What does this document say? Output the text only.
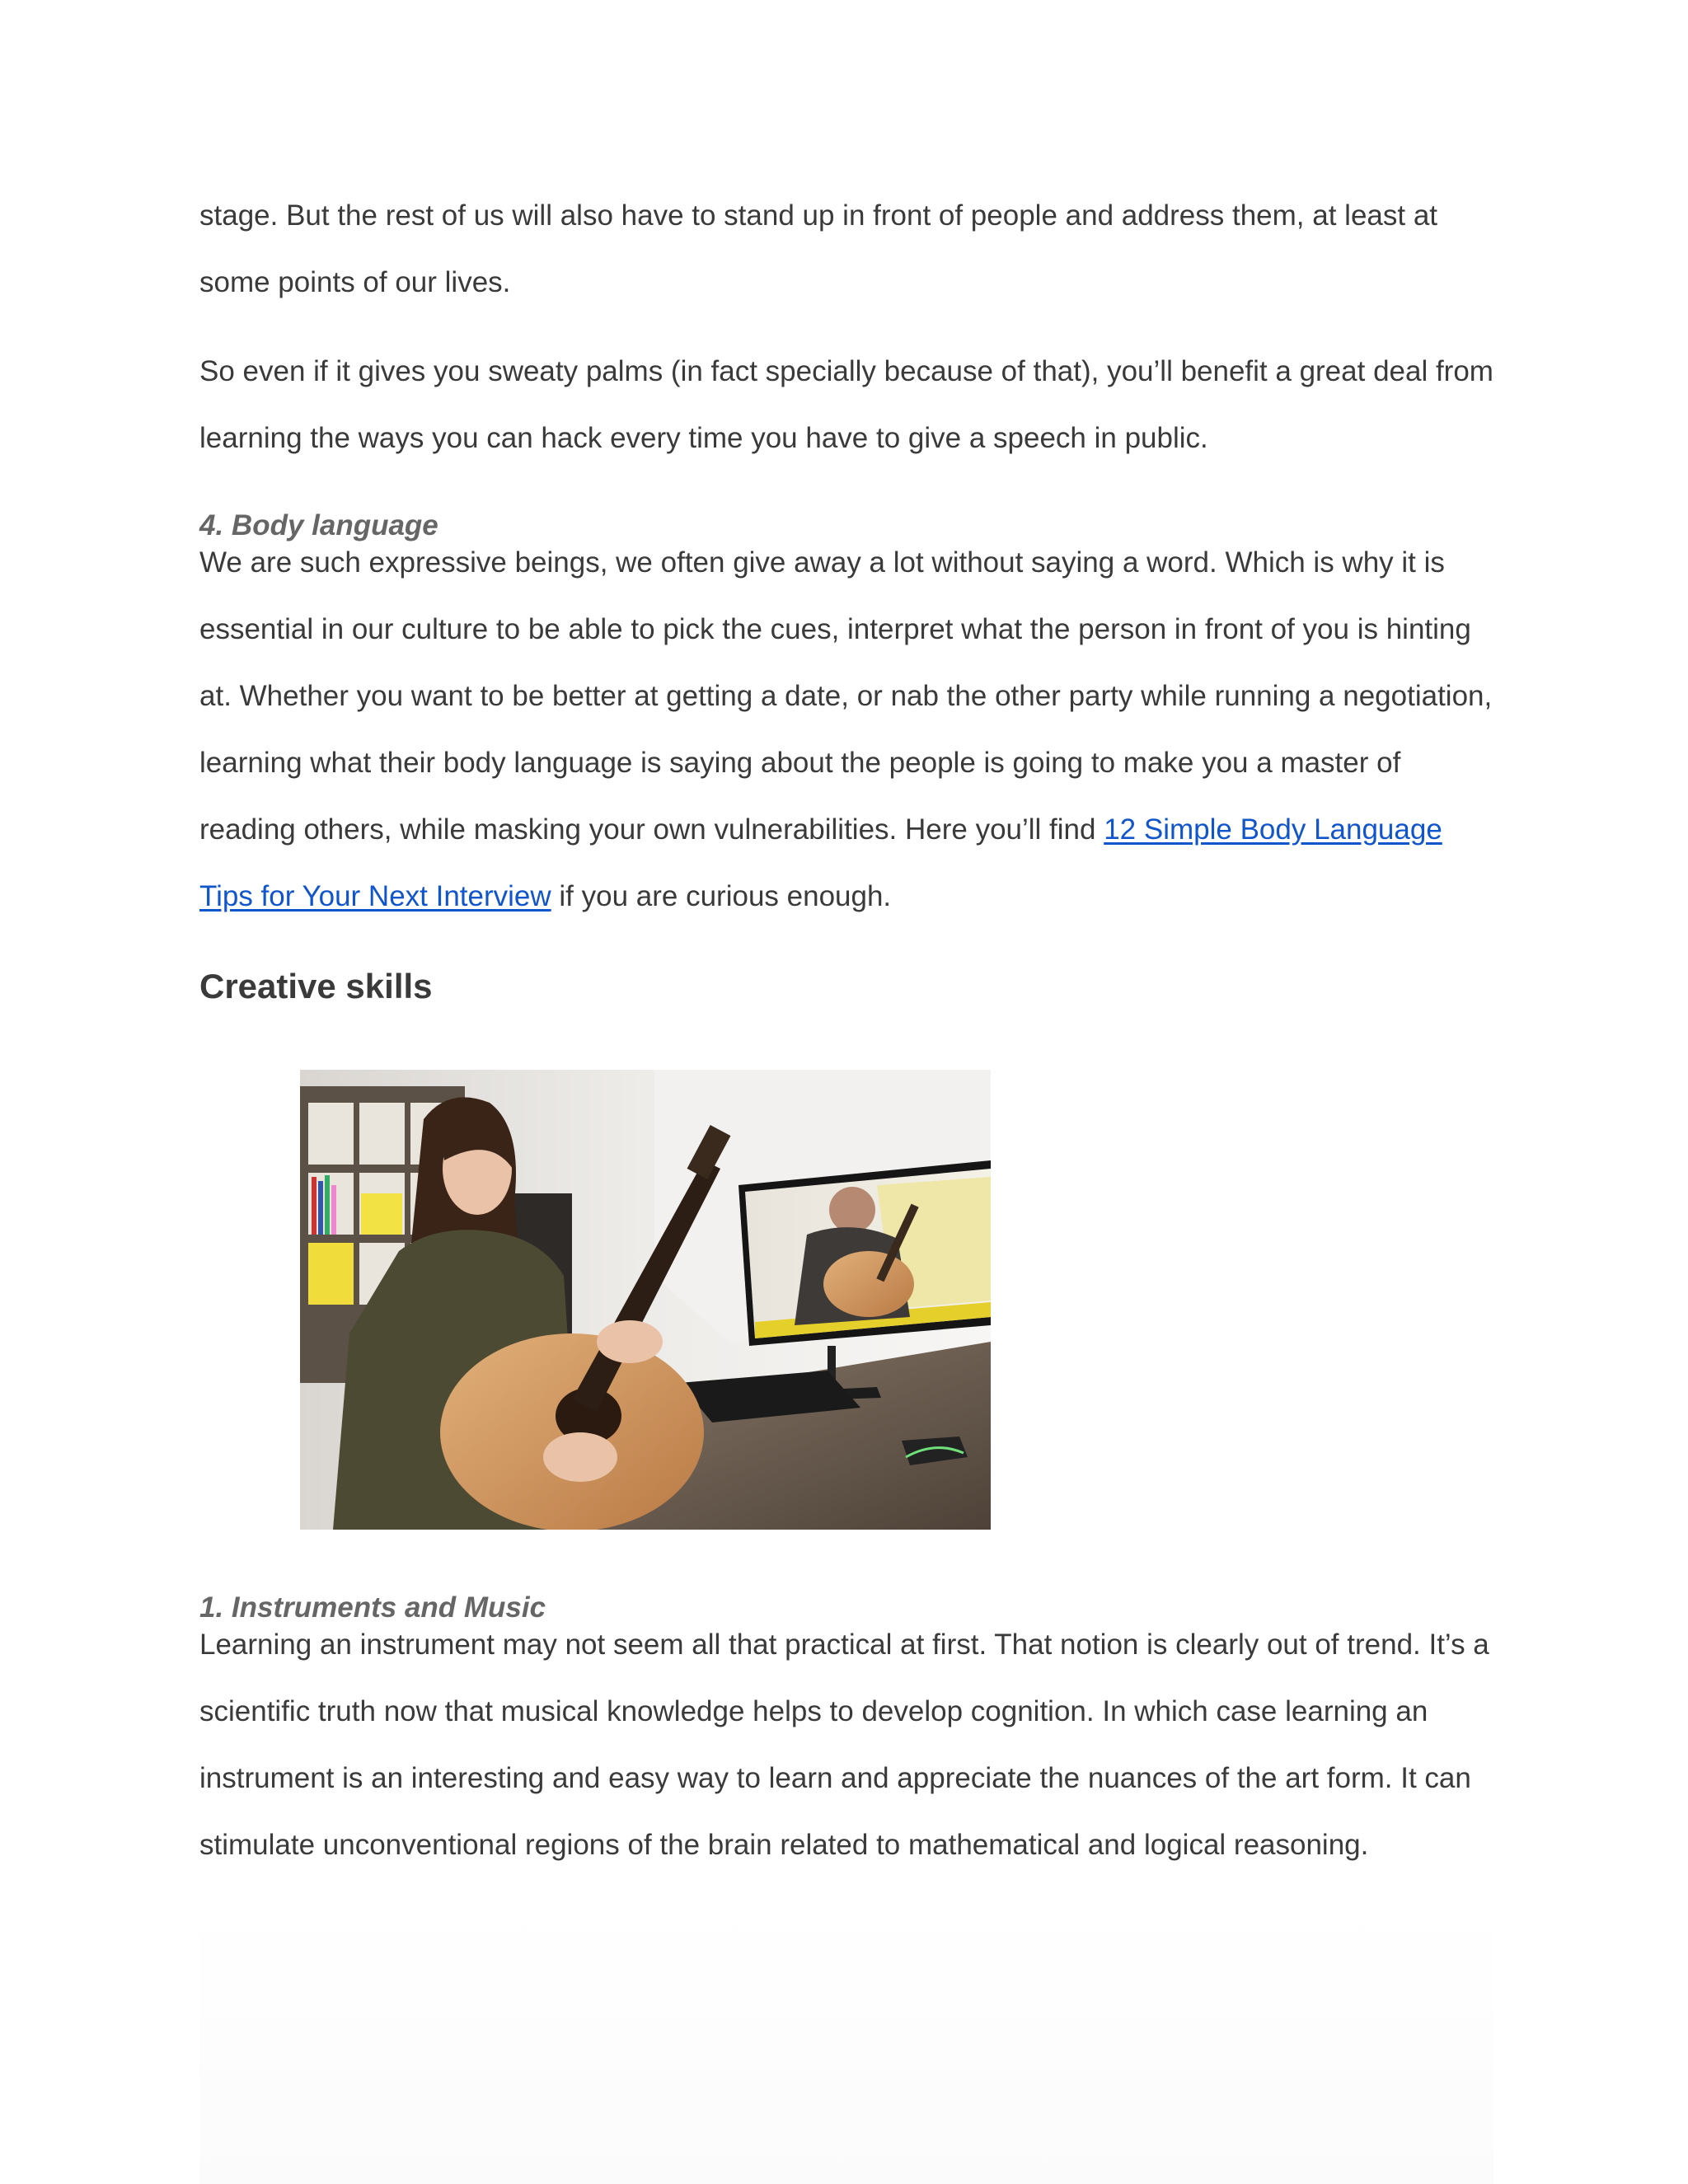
stage. But the rest of us will also have to stand up in front of people and address them, at least at some points of our lives.

So even if it gives you sweaty palms (in fact specially because of that), you’ll benefit a great deal from learning the ways you can hack every time you have to give a speech in public.

4. Body language

We are such expressive beings, we often give away a lot without saying a word. Which is why it is essential in our culture to be able to pick the cues, interpret what the person in front of you is hinting at. Whether you want to be better at getting a date, or nab the other party while running a negotiation, learning what their body language is saying about the people is going to make you a master of reading others, while masking your own vulnerabilities. Here you’ll find 12 Simple Body Language Tips for Your Next Interview if you are curious enough.

Creative skills
1. Instruments and Music

Learning an instrument may not seem all that practical at first. That notion is clearly out of trend. It’s a scientific truth now that musical knowledge helps to develop cognition. In which case learning an instrument is an interesting and easy way to learn and appreciate the nuances of the art form. It can stimulate unconventional regions of the brain related to mathematical and logical reasoning.
